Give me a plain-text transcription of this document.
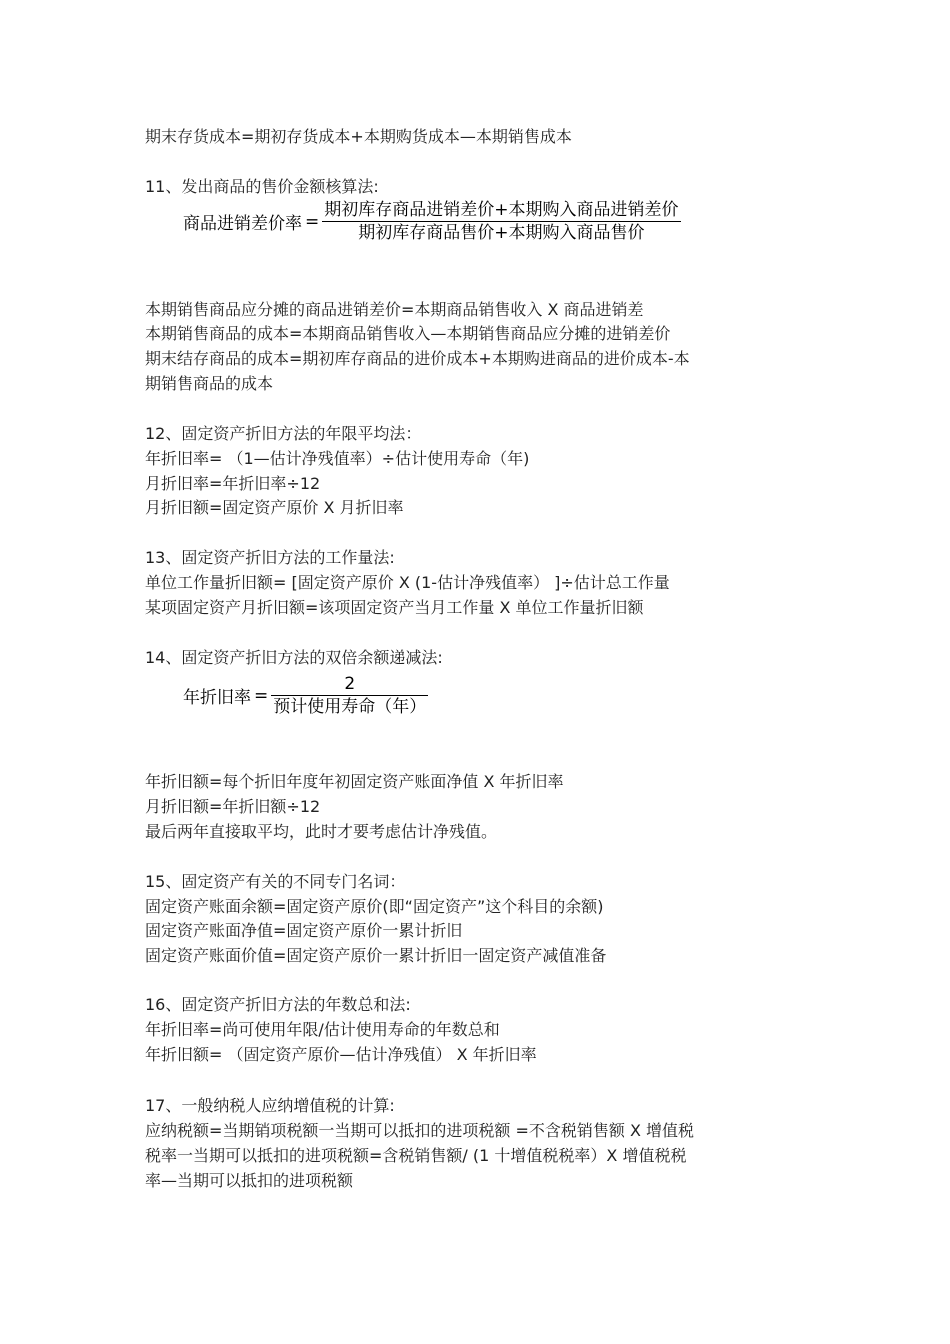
期末存货成本=期初存货成本+本期购货成本—本期销售成本
11、发出商品的售价金额核算法:
商品进销差价率 = $\frac{\text{期初库存商品进销差价+本期购入商品进销差价}}{\text{期初库存商品售价+本期购入商品售价}}$
本期销售商品应分摊的商品进销差价=本期商品销售收入 X 商品进销差
本期销售商品的成本=本期商品销售收入—本期销售商品应分摊的进销差价
期末结存商品的成本=期初库存商品的进价成本+本期购进商品的进价成本-本
期销售商品的成本
12、固定资产折旧方法的年限平均法：
年折旧率= （1—估计净残值率）÷估计使用寿命（年)
月折旧率=年折旧率÷12
月折旧额=固定资产原价 X 月折旧率
13、固定资产折旧方法的工作量法:
单位工作量折旧额= [固定资产原价 X (1-估计净残值率） ]÷估计总工作量
某项固定资产月折旧额=该项固定资产当月工作量 X 单位工作量折旧额
14、固定资产折旧方法的双倍余额递减法:
年折旧率 = $\frac{2}{\text{预计使用寿命（年）}}$
年折旧额=每个折旧年度年初固定资产账面净值 X 年折旧率
月折旧额=年折旧额÷12
最后两年直接取平均，此时才要考虑估计净残值。
15、固定资产有关的不同专门名词：
固定资产账面余额=固定资产原价(即“固定资产”这个科目的余额)
固定资产账面净值=固定资产原价一累计折旧
固定资产账面价值=固定资产原价一累计折旧一固定资产减值准备
16、固定资产折旧方法的年数总和法:
年折旧率=尚可使用年限/估计使用寿命的年数总和
年折旧额= （固定资产原价—估计净残值） X 年折旧率
17、一般纳税人应纳增值税的计算:
应纳税额=当期销项税额一当期可以抵扣的进项税额 =不含税销售额 X 增值税
税率一当期可以抵扣的进项税额=含税销售额/ (1 十增值税税率）X 增值税税
率—当期可以抵扣的进项税额
